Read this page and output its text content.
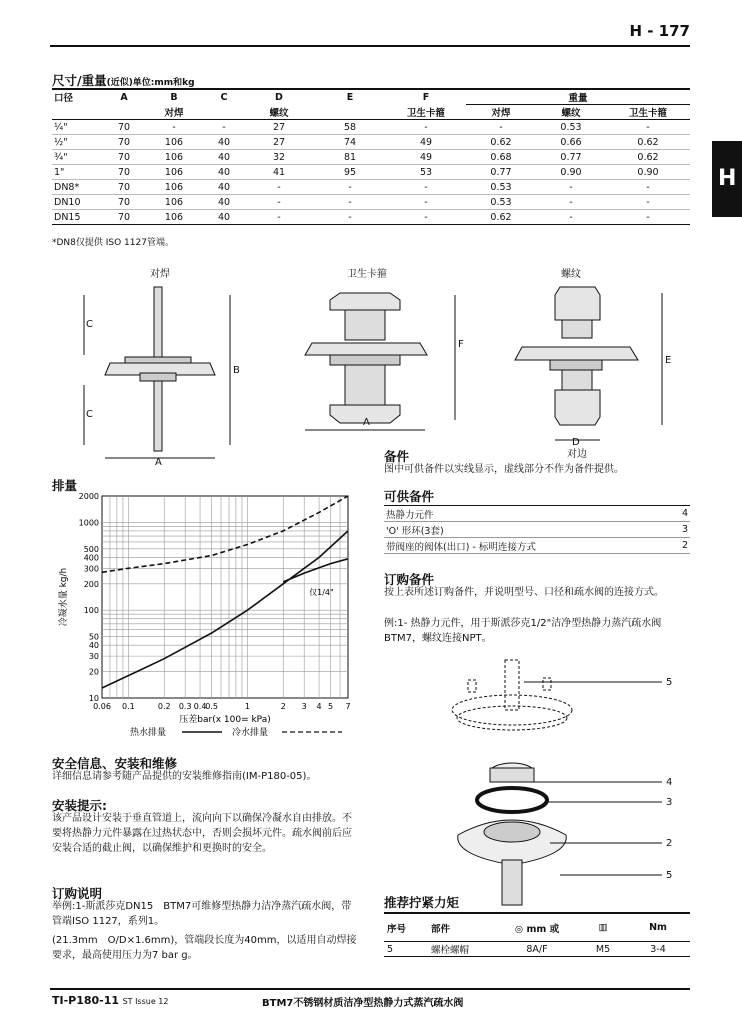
H - 177
H
尺寸/重量(近似)单位:mm和kg
口径	A	B	C	D	E	F	重量		
		对焊		螺纹		卫生卡箍	对焊	螺纹	卫生卡箍
¼"	70	-	-	27	58	-	-	0.53	-
½"	70	106	40	27	74	49	0.62	0.66	0.62
¾"	70	106	40	32	81	49	0.68	0.77	0.62
1"	70	106	40	41	95	53	0.77	0.90	0.90
DN8*	70	106	40	-	-	-	0.53	-	-
DN10	70	106	40	-	-	-	0.53	-	-
DN15	70	106	40	-	-	-	0.62	-	-
*DN8仅提供 ISO 1127管端。
对焊	卫生卡箍	螺纹
C
C
B
A
F
A
E
D
对边
排量
0.06 0.1	0.2 0.3 0.4
0.5	1	2 3 4 5 7
10
20
30
40
50
100
200
300
400
500
1000
2000
仅1/4"
压差bar(x 100= kPa)
冷凝水量 kg/h
热水排量	冷水排量
安全信息、安装和维修
详细信息请参考随产品提供的安装维修指南(IM-P180-05)。
安装提示:
该产品设计安装于垂直管道上，流向向下以确保冷凝水自由排放。不要将热静力元件暴露在过热状态中，否则会损坏元件。疏水阀前后应安装合适的截止阀，以确保维护和更换时的安全。
订购说明
举例:1-斯派莎克DN15　BTM7可维修型热静力洁净蒸汽疏水阀，带管端ISO 1127，系列1。
(21.3mm　O/D×1.6mm)，管端段长度为40mm，以适用自动焊接要求，最高使用压力为7 bar g。
备件
图中可供备件以实线显示，虚线部分不作为备件提供。
可供备件
热静力元件	4
'O' 形环(3套)	3
带阀座的阀体(出口) - 标明连接方式	2
订购备件
按上表所述订购备件，并说明型号、口径和疏水阀的连接方式。
例:1- 热静力元件，用于斯派莎克1/2"洁净型热静力蒸汽疏水阀BTM7，螺纹连接NPT。
5
4
3
2
5
推荐拧紧力矩
序号	部件	◎ mm 或	▥	Nm
5	螺栓螺帽	8A/F	M5	3-4
TI-P180-11 ST Issue 12	BTM7不锈钢材质洁净型热静力式蒸汽疏水阀
